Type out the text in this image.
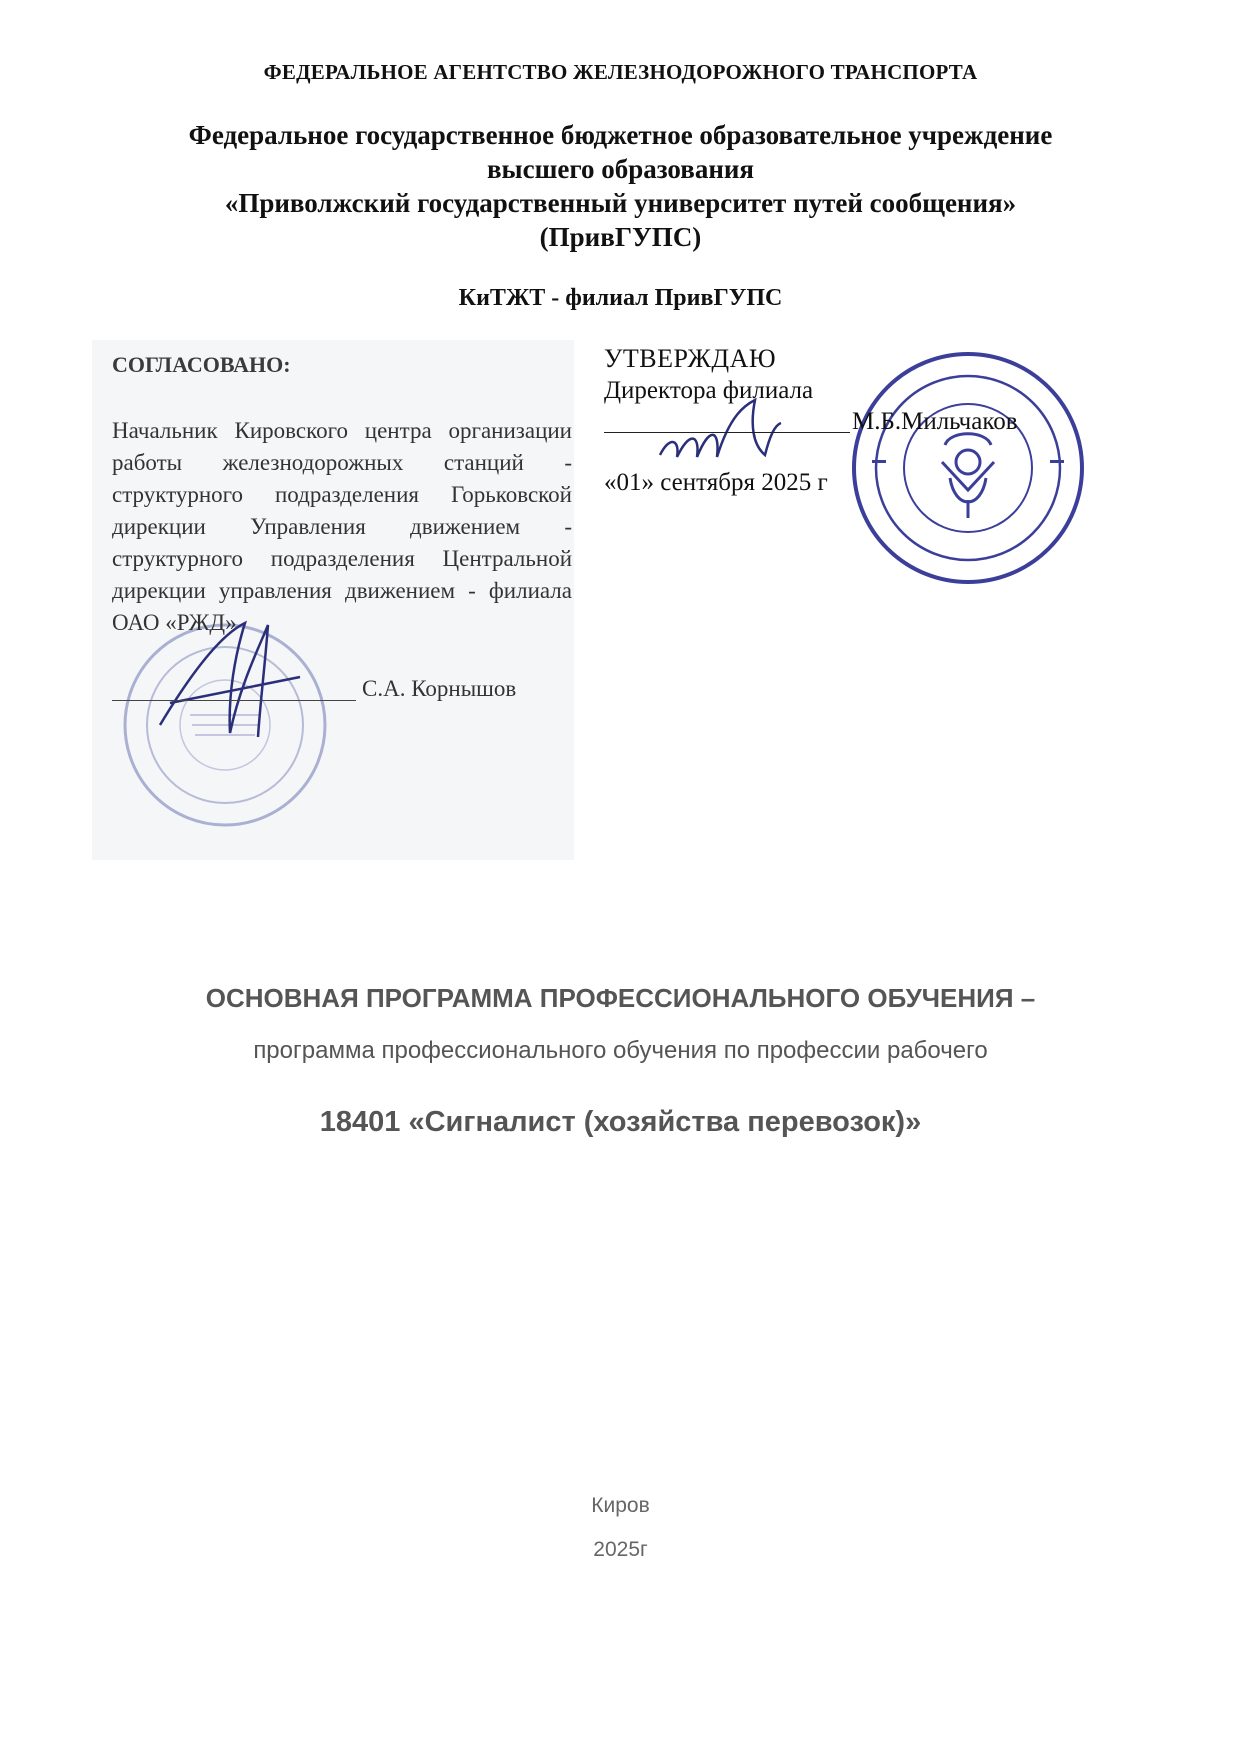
ФЕДЕРАЛЬНОЕ АГЕНТСТВО ЖЕЛЕЗНОДОРОЖНОГО ТРАНСПОРТА
Федеральное государственное бюджетное образовательное учреждение
высшего образования
«Приволжский государственный университет путей сообщения»
(ПривГУПС)
КиТЖТ - филиал ПривГУПС
СОГЛАСОВАНО:
Начальник Кировского центра организации работы железнодорожных станций - структурного подразделения Горьковской дирекции Управления движением - структурного подразделения Центральной дирекции управления движением - филиала ОАО «РЖД»
С.А. Корнышов
УТВЕРЖДАЮ
Директора филиала
М.Б.Мильчаков
«01» сентября 2025 г
ОСНОВНАЯ ПРОГРАММА ПРОФЕССИОНАЛЬНОГО ОБУЧЕНИЯ –
программа профессионального обучения по профессии рабочего
18401 «Сигналист (хозяйства перевозок)»
Киров
2025г
